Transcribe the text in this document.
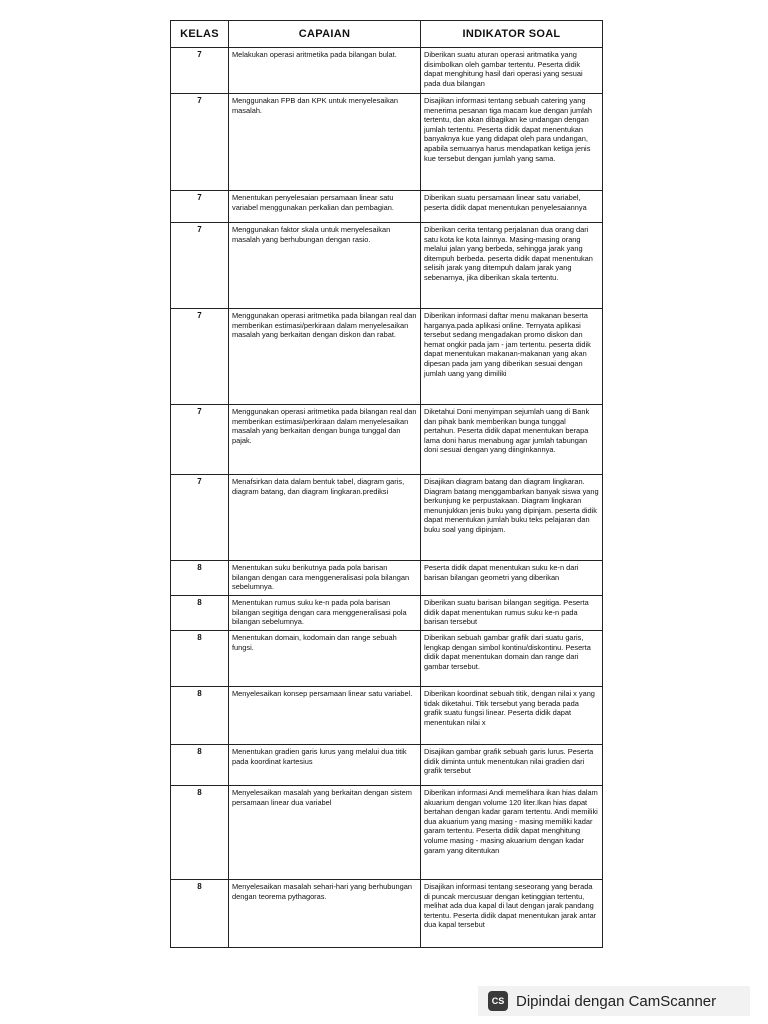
KELAS	CAPAIAN	INDIKATOR SOAL
7	Melakukan operasi aritmetika pada bilangan bulat.	Diberikan suatu aturan operasi aritmatika yang disimbolkan oleh gambar tertentu. Peserta didik dapat menghitung hasil dari operasi yang sesuai pada dua bilangan
7	Menggunakan FPB dan KPK untuk menyelesaikan masalah.	Disajikan informasi tentang sebuah catering yang menerima pesanan tiga macam kue dengan jumlah tertentu, dan akan dibagikan ke undangan dengan jumlah tertentu. Peserta didik dapat menentukan banyaknya kue yang didapat oleh para undangan, apabila semuanya harus mendapatkan ketiga jenis kue tersebut dengan jumlah yang sama.
7	Menentukan penyelesaian persamaan linear satu variabel menggunakan perkalian dan pembagian.	Diberikan suatu persamaan linear satu variabel, peserta didik dapat menentukan penyelesaiannya
7	Menggunakan faktor skala untuk menyelesaikan masalah yang berhubungan dengan rasio.	Diberikan cerita tentang perjalanan dua orang dari satu kota ke kota lainnya. Masing-masing orang melalui jalan yang berbeda, sehingga jarak yang ditempuh berbeda. peserta didik dapat menentukan selisih jarak yang ditempuh dalam jarak yang sebenarnya, jika diberikan skala tertentu.
7	Menggunakan operasi aritmetika pada bilangan real dan memberikan estimasi/perkiraan dalam menyelesaikan masalah yang berkaitan dengan diskon dan rabat.	Diberikan informasi daftar menu makanan beserta harganya.pada aplikasi online. Ternyata aplikasi tersebut sedang mengadakan promo diskon dan hemat ongkir pada jam - jam tertentu. peserta didik dapat menentukan makanan-makanan yang akan dipesan pada jam yang diberikan sesuai dengan jumlah uang yang dimiliki
7	Menggunakan operasi aritmetika pada bilangan real dan memberikan estimasi/perkiraan dalam menyelesaikan masalah yang berkaitan dengan bunga tunggal dan pajak.	Diketahui Doni menyimpan sejumlah uang di Bank dan pihak bank memberikan bunga tunggal pertahun. Peserta didik dapat menentukan berapa lama doni harus menabung agar jumlah tabungan doni sesuai dengan yang diinginkannya.
7	Menafsirkan data dalam bentuk tabel, diagram garis, diagram batang, dan diagram lingkaran.prediksi	Disajikan diagram batang dan diagram lingkaran. Diagram batang menggambarkan banyak siswa yang berkunjung ke perpustakaan. Diagram lingkaran menunjukkan jenis buku yang dipinjam. peserta didik dapat menentukan jumlah buku teks pelajaran dan buku soal yang dipinjam.
8	Menentukan suku berikutnya pada pola barisan bilangan dengan cara menggeneralisasi pola bilangan sebelumnya.	Peserta didik dapat menentukan suku ke-n dari barisan bilangan geometri yang diberikan
8	Menentukan rumus suku ke-n pada pola barisan bilangan segitiga dengan cara menggeneralisasi pola bilangan sebelumnya.	Diberikan suatu barisan bilangan segitiga. Peserta didik dapat menentukan rumus suku ke-n pada barisan tersebut
8	Menentukan domain, kodomain dan range sebuah fungsi.	Diberikan sebuah gambar grafik dari suatu garis, lengkap dengan simbol kontinu/diskontinu. Peserta didik dapat menentukan domain dan range dari gambar tersebut.
8	Menyelesaikan konsep persamaan linear satu variabel.	Diberikan koordinat sebuah titik, dengan nilai x yang tidak diketahui. Titik tersebut yang berada pada grafik suatu fungsi linear. Peserta didik dapat menentukan nilai x
8	Menentukan gradien garis lurus yang melalui dua titik pada koordinat kartesius	Disajikan gambar grafik sebuah garis lurus. Peserta didik diminta untuk menentukan nilai gradien dari grafik tersebut
8	Menyelesaikan masalah yang berkaitan dengan sistem persamaan linear dua variabel	Diberikan informasi Andi memelihara ikan hias dalam akuarium dengan volume 120 liter.Ikan hias dapat bertahan dengan kadar garam tertentu. Andi memiliki dua akuarium yang masing - masing memiliki kadar garam tertentu. Peserta didik dapat menghitung volume masing - masing akuarium dengan kadar garam yang ditentukan
8	Menyelesaikan masalah sehari-hari yang berhubungan dengan teorema pythagoras.	Disajikan informasi tentang seseorang yang berada di puncak mercusuar dengan ketinggian tertentu, melihat ada dua kapal di laut dengan jarak pandang tertentu. Peserta didik dapat menentukan jarak antar dua kapal tersebut
CS Dipindai dengan CamScanner
